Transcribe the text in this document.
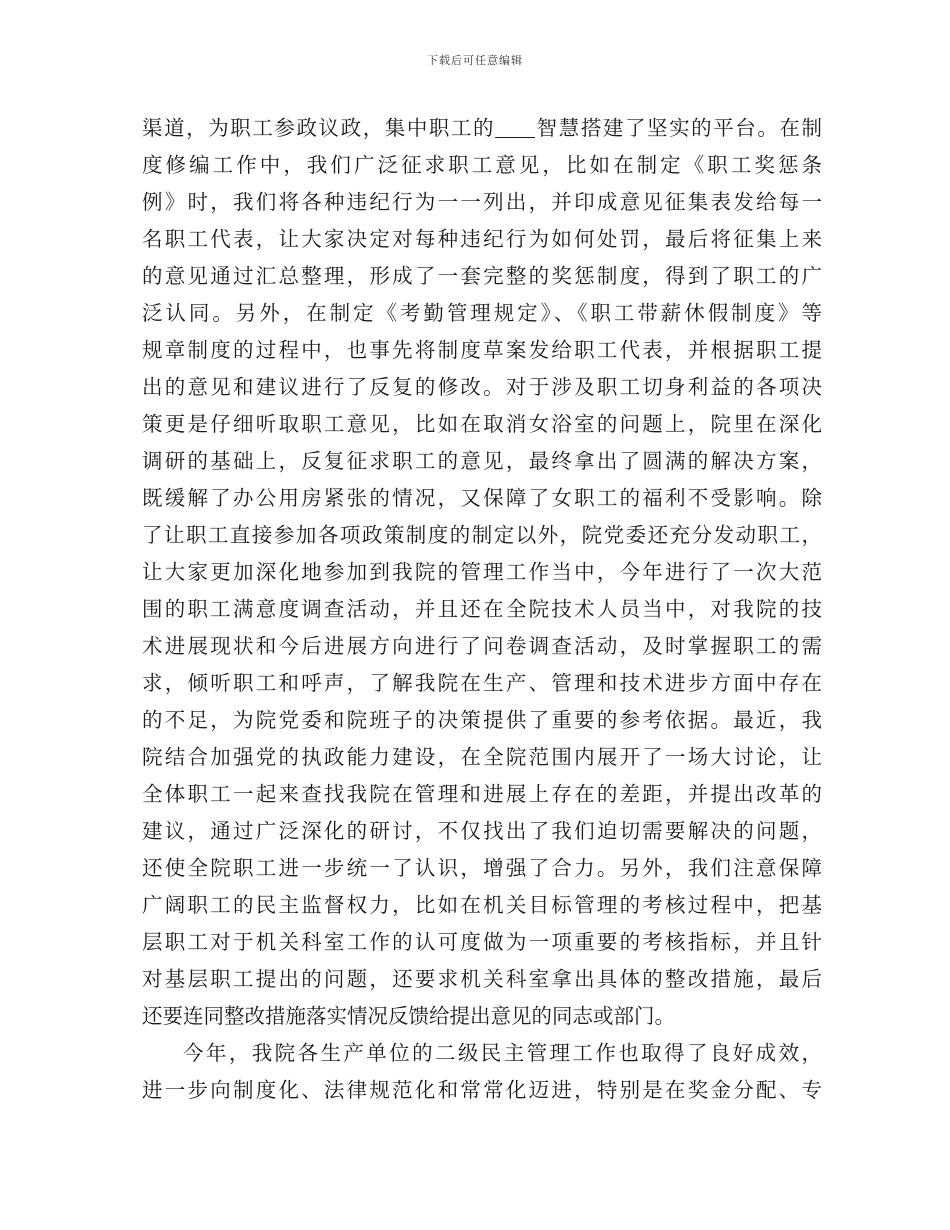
下载后可任意编辑
渠道，为职工参政议政，集中职工的 智慧搭建了坚实的平台。在制
度修编工作中，我们广泛征求职工意见，比如在制定《职工奖惩条
例》时，我们将各种违纪行为一一列出，并印成意见征集表发给每一
名职工代表，让大家决定对每种违纪行为如何处罚，最后将征集上来
的意见通过汇总整理，形成了一套完整的奖惩制度，得到了职工的广
泛认同。另外，在制定《考勤管理规定》、《职工带薪休假制度》等
规章制度的过程中，也事先将制度草案发给职工代表，并根据职工提
出的意见和建议进行了反复的修改。对于涉及职工切身利益的各项决
策更是仔细听取职工意见，比如在取消女浴室的问题上，院里在深化
调研的基础上，反复征求职工的意见，最终拿出了圆满的解决方案，
既缓解了办公用房紧张的情况，又保障了女职工的福利不受影响。除
了让职工直接参加各项政策制度的制定以外，院党委还充分发动职工，
让大家更加深化地参加到我院的管理工作当中，今年进行了一次大范
围的职工满意度调查活动，并且还在全院技术人员当中，对我院的技
术进展现状和今后进展方向进行了问卷调查活动，及时掌握职工的需
求，倾听职工和呼声，了解我院在生产、管理和技术进步方面中存在
的不足，为院党委和院班子的决策提供了重要的参考依据。最近，我
院结合加强党的执政能力建设，在全院范围内展开了一场大讨论，让
全体职工一起来查找我院在管理和进展上存在的差距，并提出改革的
建议，通过广泛深化的研讨，不仅找出了我们迫切需要解决的问题，
还使全院职工进一步统一了认识，增强了合力。另外，我们注意保障
广阔职工的民主监督权力，比如在机关目标管理的考核过程中，把基
层职工对于机关科室工作的认可度做为一项重要的考核指标，并且针
对基层职工提出的问题，还要求机关科室拿出具体的整改措施，最后
还要连同整改措施落实情况反馈给提出意见的同志或部门。
今年，我院各生产单位的二级民主管理工作也取得了良好成效，
进一步向制度化、法律规范化和常常化迈进，特别是在奖金分配、专
